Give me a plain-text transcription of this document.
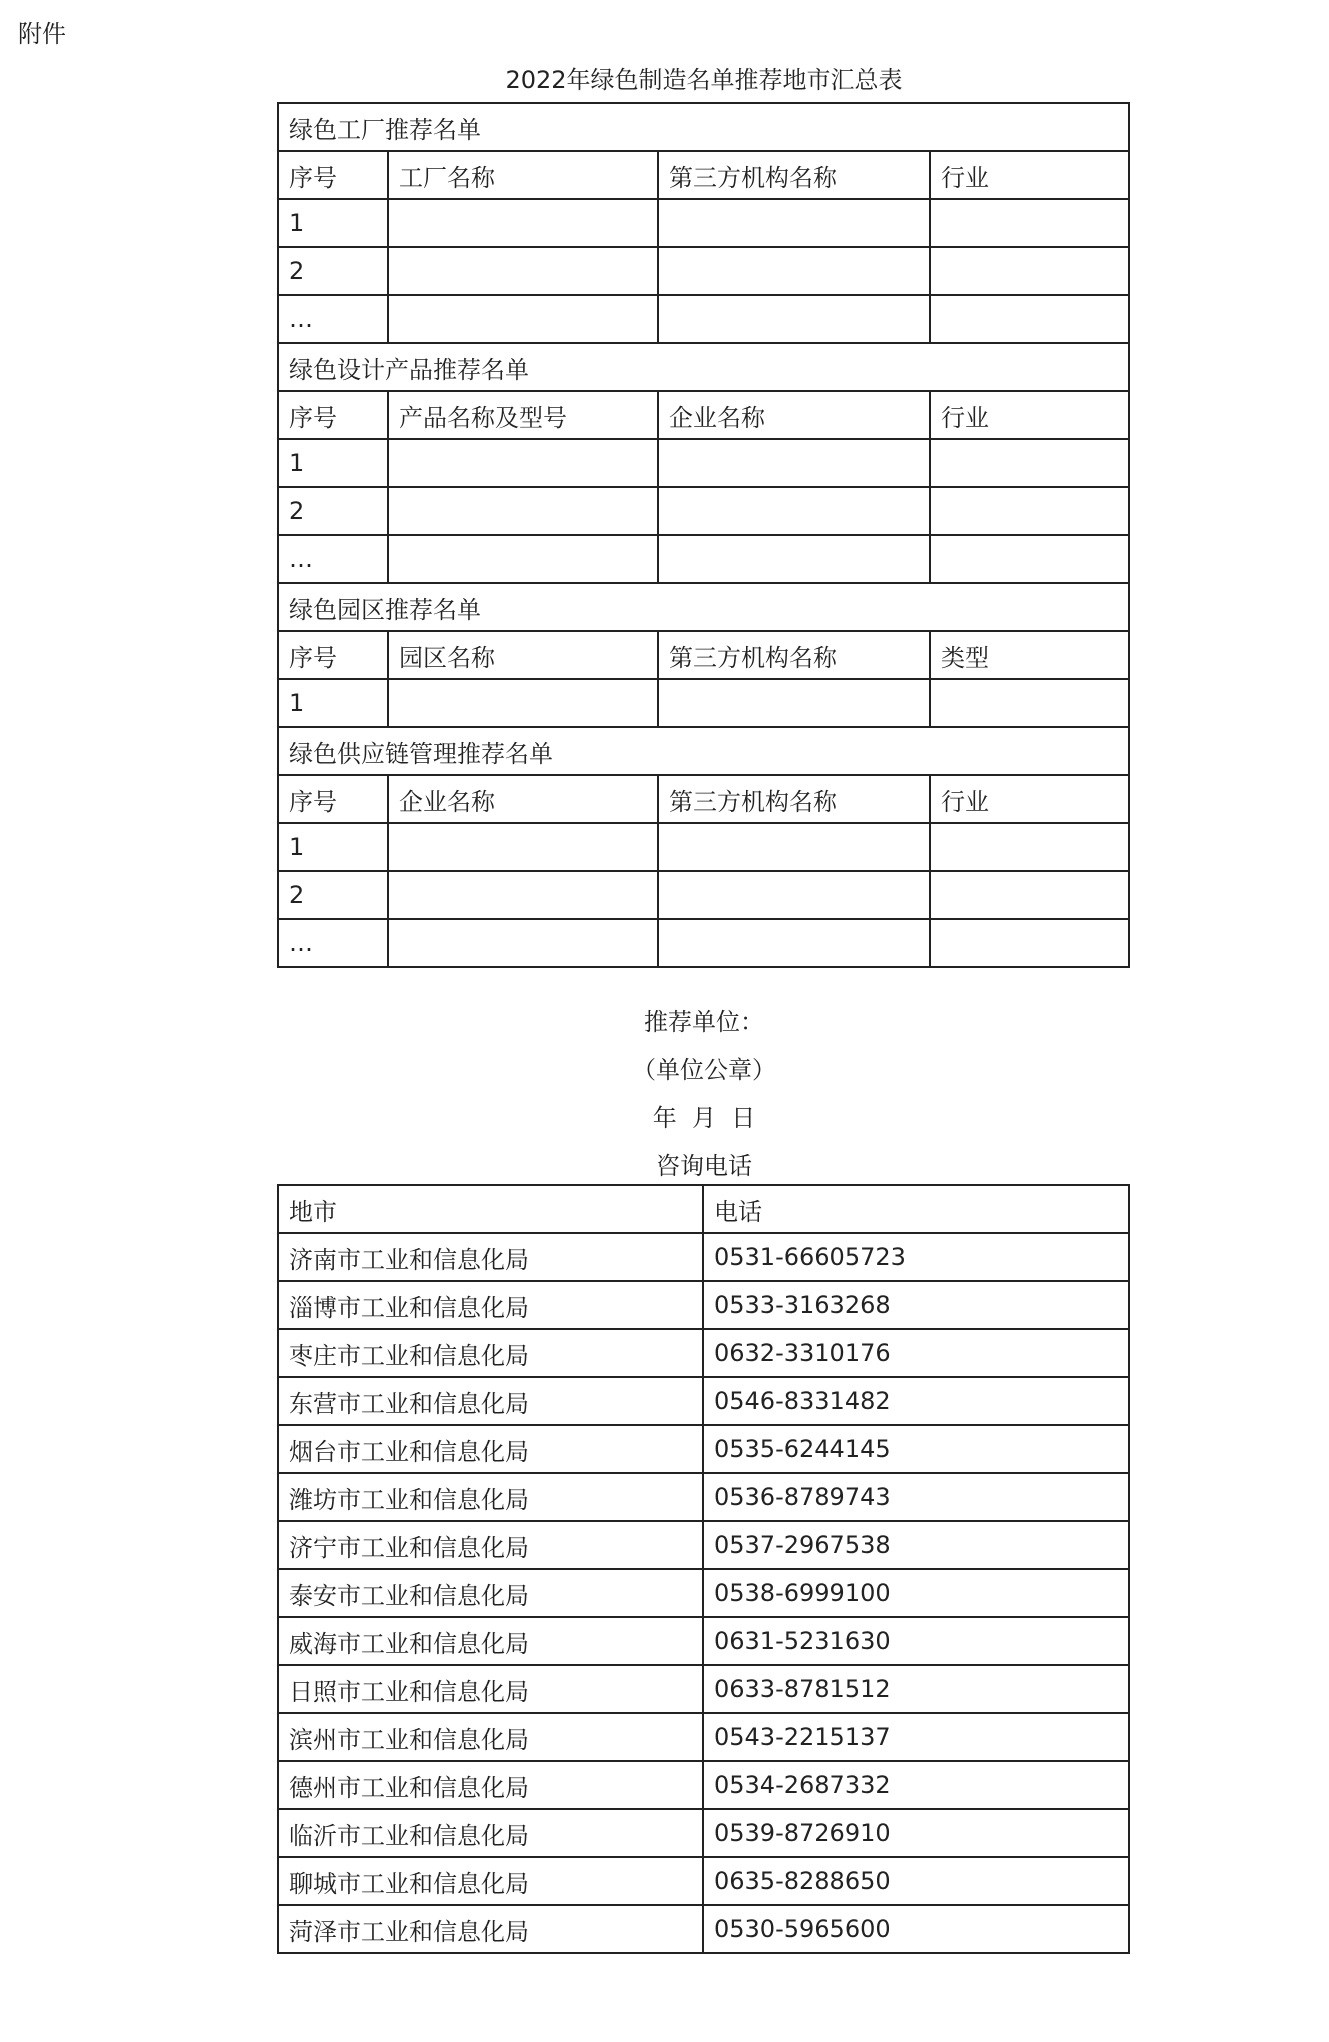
附件
2022年绿色制造名单推荐地市汇总表
绿色工厂推荐名单			
序号	工厂名称	第三方机构名称	行业
1			
2			
…			
绿色设计产品推荐名单			
序号	产品名称及型号	企业名称	行业
1			
2			
…			
绿色园区推荐名单			
序号	园区名称	第三方机构名称	类型
1			
绿色供应链管理推荐名单			
序号	企业名称	第三方机构名称	行业
1			
2			
…			
推荐单位：
（单位公章）
年  月  日
咨询电话
地市	电话
济南市工业和信息化局	0531-66605723
淄博市工业和信息化局	0533-3163268
枣庄市工业和信息化局	0632-3310176
东营市工业和信息化局	0546-8331482
烟台市工业和信息化局	0535-6244145
潍坊市工业和信息化局	0536-8789743
济宁市工业和信息化局	0537-2967538
泰安市工业和信息化局	0538-6999100
威海市工业和信息化局	0631-5231630
日照市工业和信息化局	0633-8781512
滨州市工业和信息化局	0543-2215137
德州市工业和信息化局	0534-2687332
临沂市工业和信息化局	0539-8726910
聊城市工业和信息化局	0635-8288650
菏泽市工业和信息化局	0530-5965600
